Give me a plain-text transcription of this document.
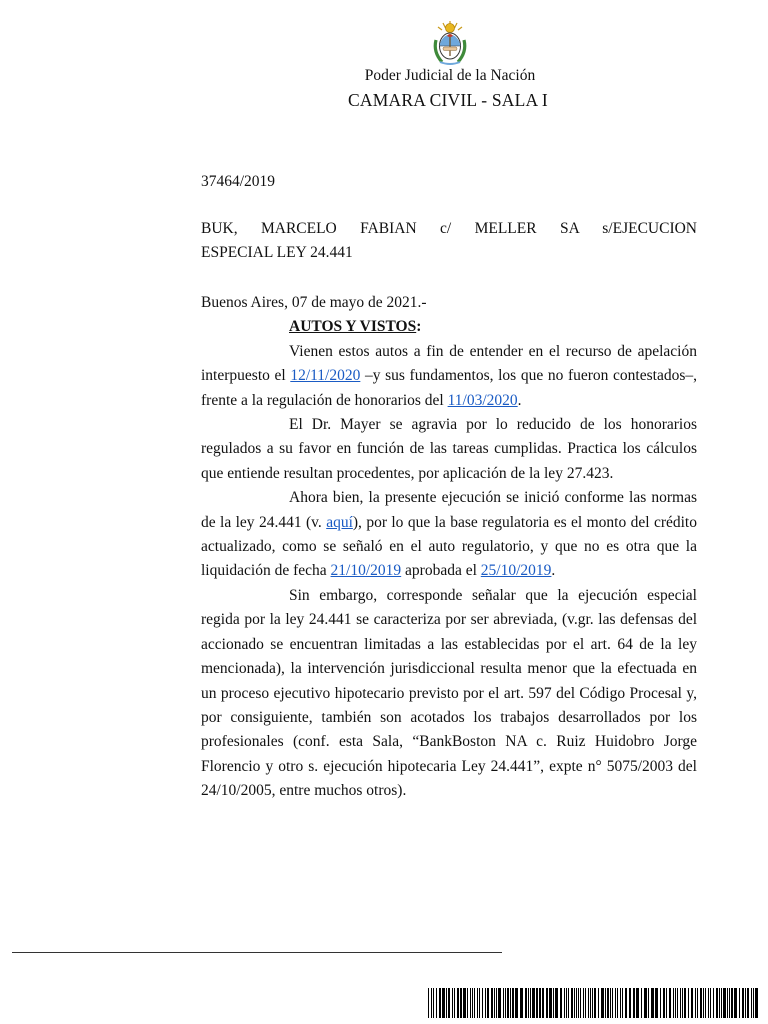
Poder Judicial de la Nación
CAMARA CIVIL - SALA I
37464/2019

BUK, MARCELO FABIAN c/ MELLER SA s/EJECUCION

ESPECIAL LEY 24.441

Buenos Aires, 07 de mayo de 2021.-

AUTOS Y VISTOS:

Vienen estos autos a fin de entender en el recurso de apelación interpuesto el 12/11/2020 –y sus fundamentos, los que no fueron contestados–, frente a la regulación de honorarios del 11/03/2020.

El Dr. Mayer se agravia por lo reducido de los honorarios regulados a su favor en función de las tareas cumplidas. Practica los cálculos que entiende resultan procedentes, por aplicación de la ley 27.423.

Ahora bien, la presente ejecución se inició conforme las normas de la ley 24.441 (v. aquí), por lo que la base regulatoria es el monto del crédito actualizado, como se señaló en el auto regulatorio, y que no es otra que la liquidación de fecha 21/10/2019 aprobada el 25/10/2019.

Sin embargo, corresponde señalar que la ejecución especial regida por la ley 24.441 se caracteriza por ser abreviada, (v.gr. las defensas del accionado se encuentran limitadas a las establecidas por el art. 64 de la ley mencionada), la intervención jurisdiccional resulta menor que la efectuada en un proceso ejecutivo hipotecario previsto por el art. 597 del Código Procesal y, por consiguiente, también son acotados los trabajos desarrollados por los profesionales (conf. esta Sala, “BankBoston NA c. Ruiz Huidobro Jorge Florencio y otro s. ejecución hipotecaria Ley 24.441”, expte n° 5075/2003 del 24/10/2005, entre muchos otros).
